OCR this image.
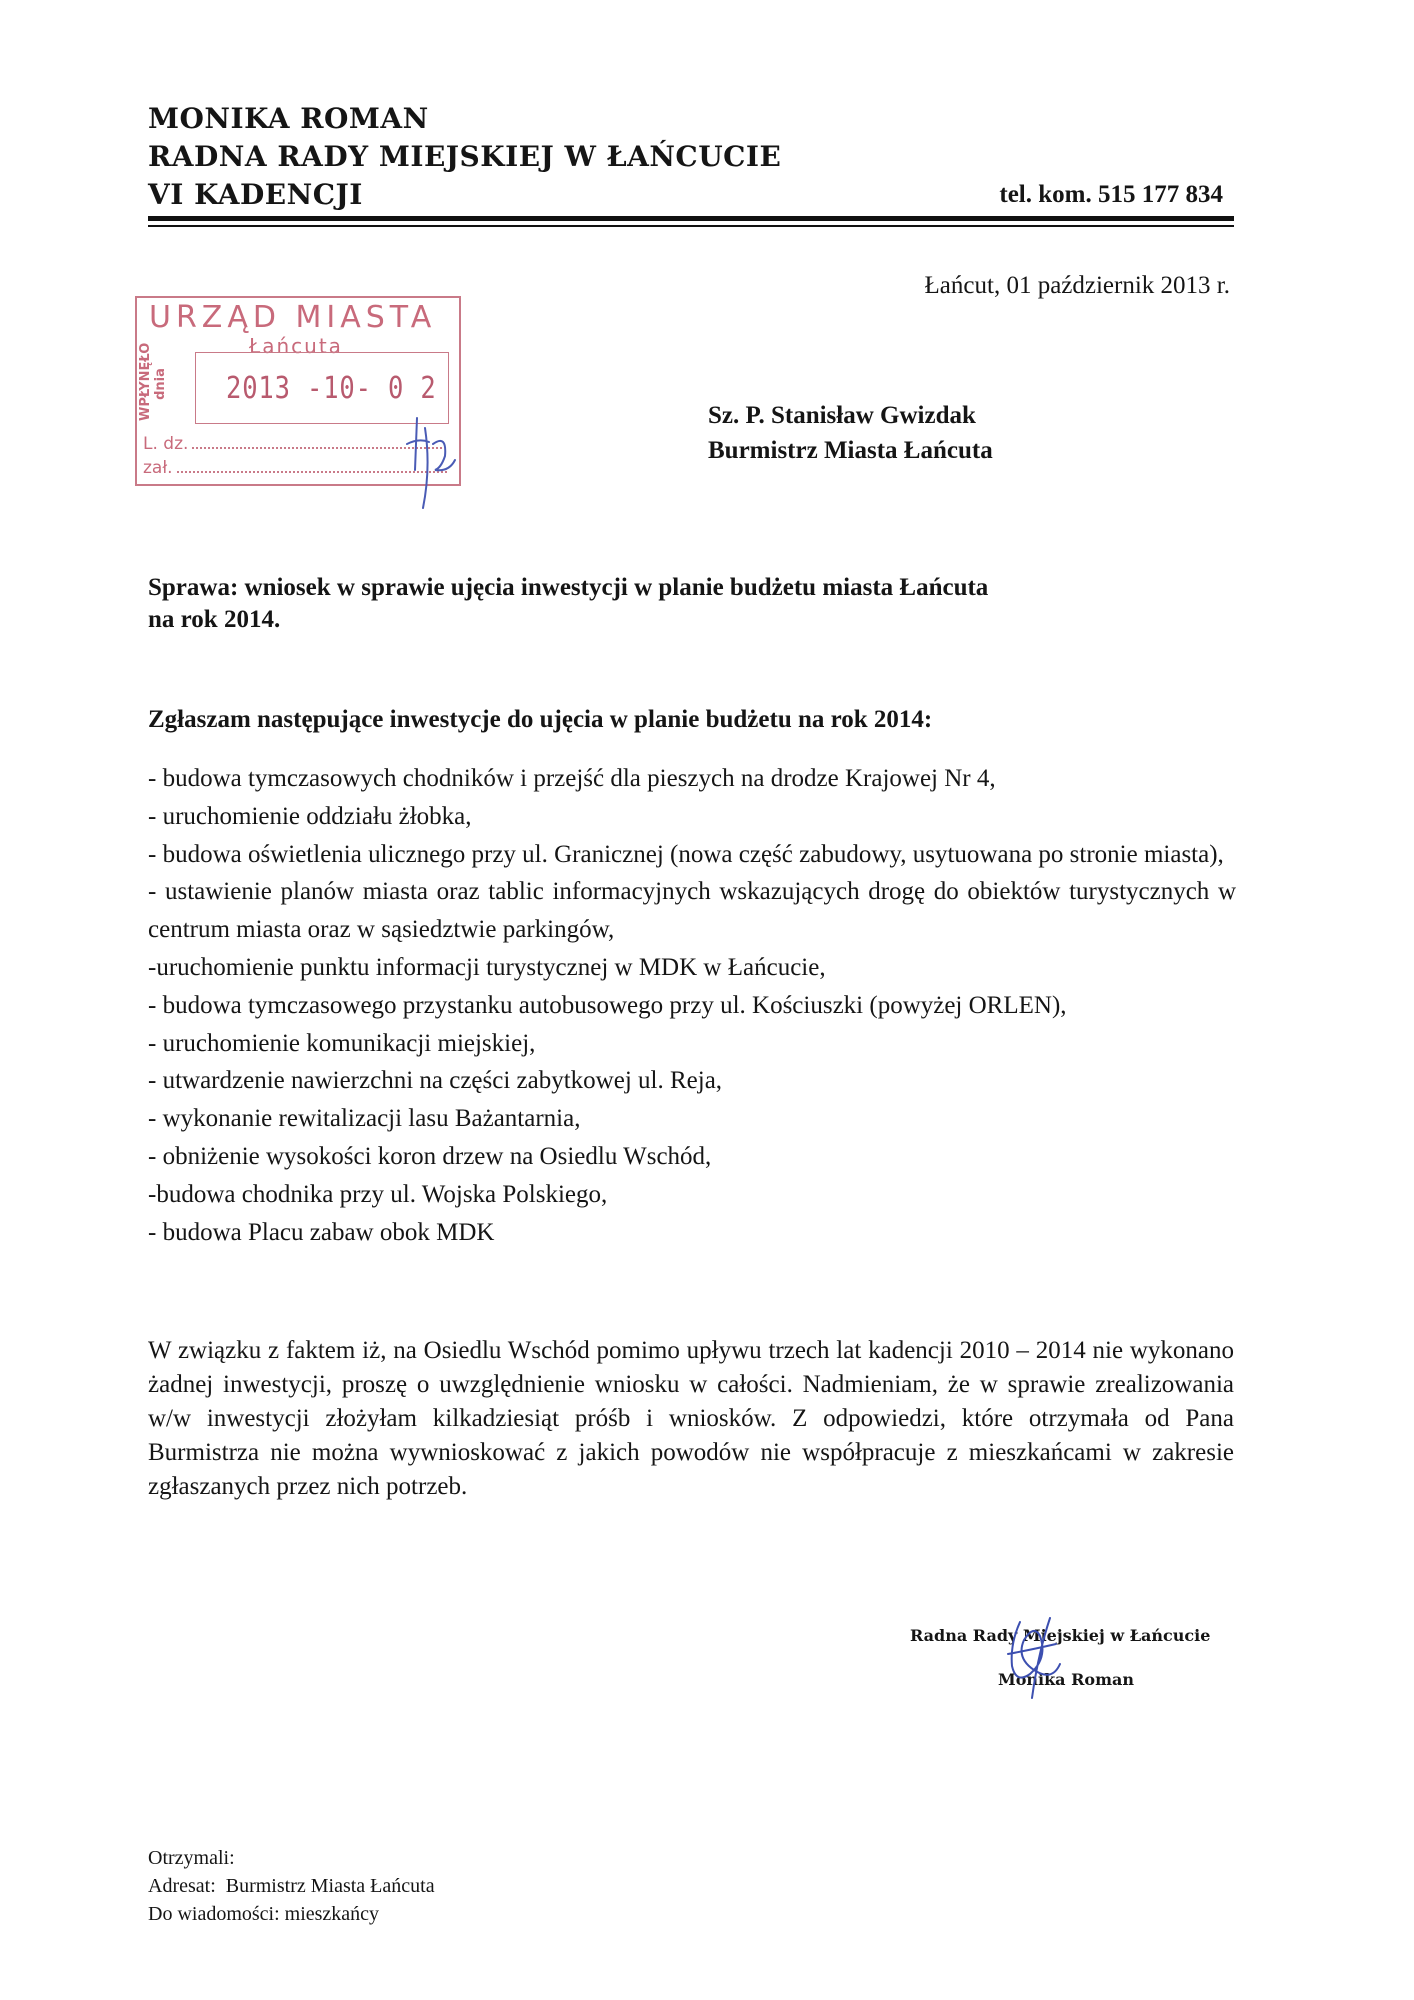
MONIKA ROMAN
RADNA RADY MIEJSKIEJ W ŁAŃCUCIE
VI KADENCJI	tel. kom. 515 177 834
Łańcut, 01 październik 2013 r.
URZĄD MIASTA
Łańcuta
WPŁYNĘŁO dnia 2013 -10- 0 2
L. dz.
zał.
Sz. P. Stanisław Gwizdak
Burmistrz Miasta Łańcuta
Sprawa: wniosek w sprawie ujęcia inwestycji w planie budżetu miasta Łańcuta
na rok 2014.
Zgłaszam następujące inwestycje do ujęcia w planie budżetu na rok 2014:
- budowa tymczasowych chodników i przejść dla pieszych na drodze Krajowej Nr 4,
- uruchomienie oddziału żłobka,
- budowa oświetlenia ulicznego przy ul. Granicznej (nowa część zabudowy, usytuowana po stronie miasta),
- ustawienie planów miasta oraz tablic informacyjnych wskazujących drogę do obiektów turystycznych w centrum miasta oraz w sąsiedztwie parkingów,
-uruchomienie punktu informacji turystycznej w MDK w Łańcucie,
- budowa tymczasowego przystanku autobusowego przy ul. Kościuszki (powyżej ORLEN),
- uruchomienie komunikacji miejskiej,
- utwardzenie nawierzchni na części zabytkowej ul. Reja,
- wykonanie rewitalizacji lasu Bażantarnia,
- obniżenie wysokości koron drzew na Osiedlu Wschód,
-budowa chodnika przy ul. Wojska Polskiego,
- budowa Placu zabaw obok MDK
W związku z faktem iż, na Osiedlu Wschód pomimo upływu trzech lat kadencji 2010 – 2014 nie wykonano żadnej inwestycji, proszę o uwzględnienie wniosku w całości. Nadmieniam, że w sprawie zrealizowania w/w inwestycji złożyłam kilkadziesiąt próśb i wniosków. Z odpowiedzi, które otrzymała od Pana Burmistrza nie można wywnioskować z jakich powodów nie współpracuje z mieszkańcami w zakresie zgłaszanych przez nich potrzeb.
Radna Rady Miejskiej w Łańcucie
Monika Roman
Otrzymali:
Adresat:  Burmistrz Miasta Łańcuta
Do wiadomości: mieszkańcy
